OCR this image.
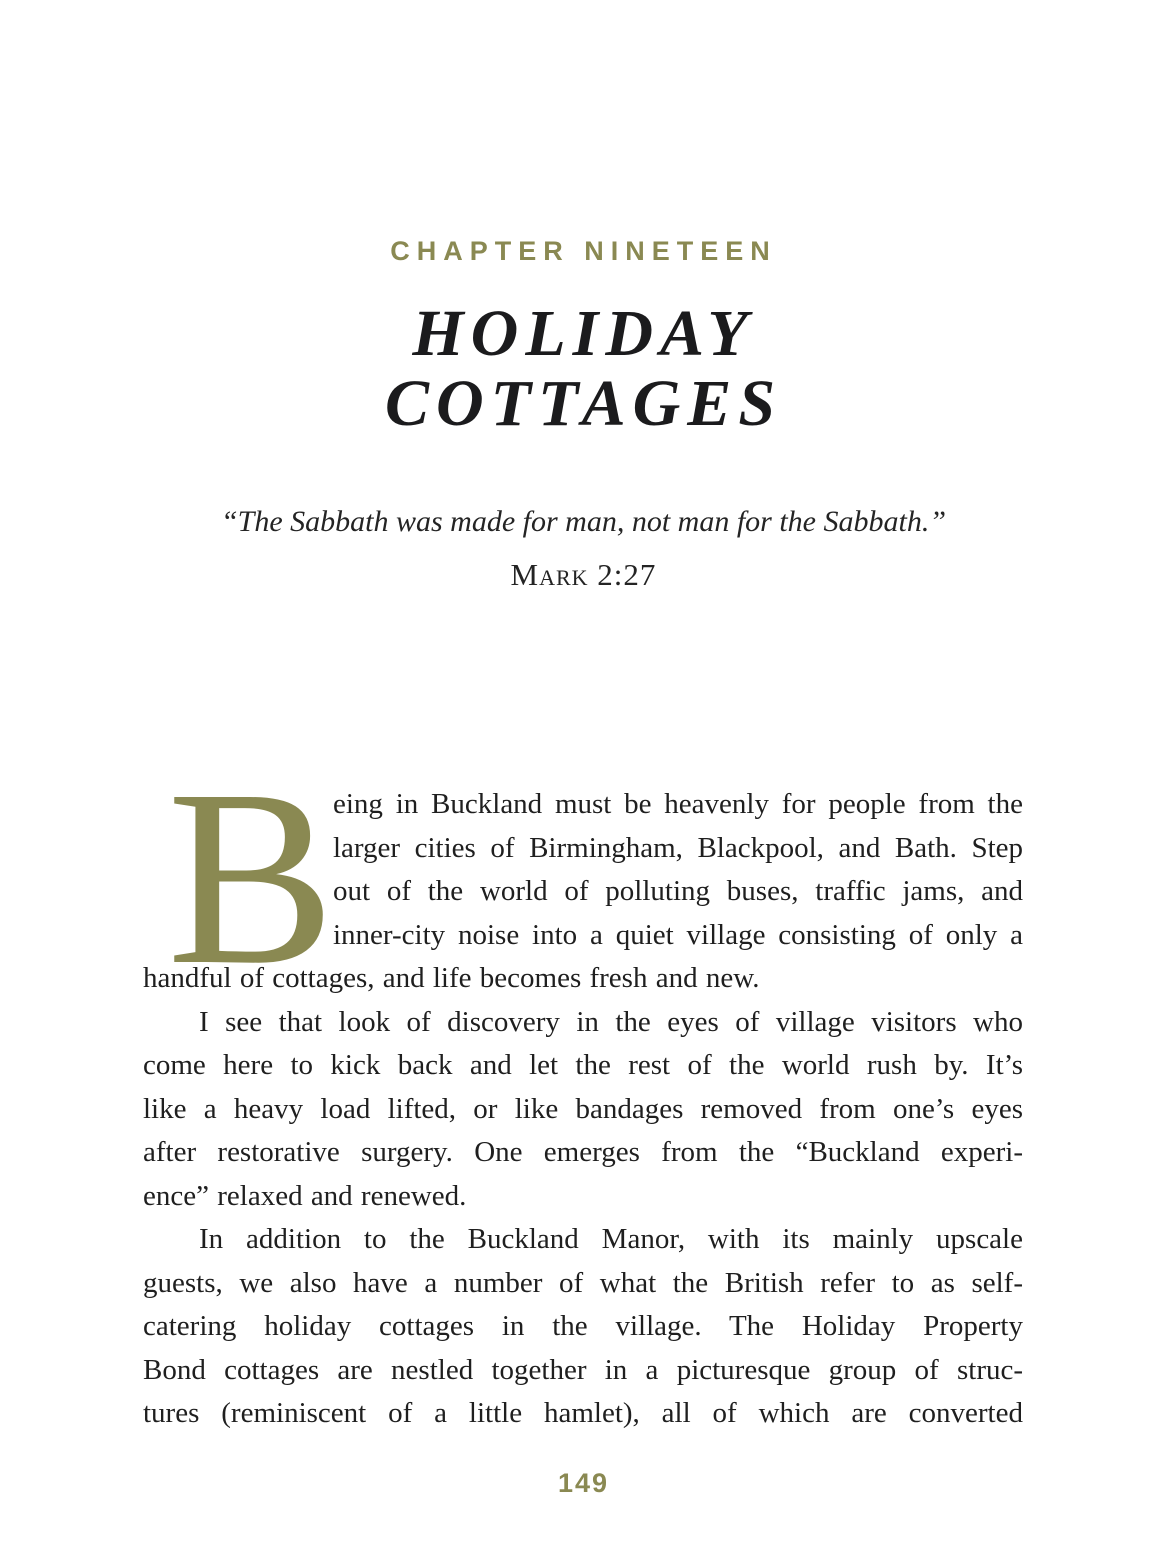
CHAPTER NINETEEN
HOLIDAY
COTTAGES
“The Sabbath was made for man, not man for the Sabbath.”
Mark 2:27
B
eing in Buckland must be heavenly for people from the
larger cities of Birmingham, Blackpool, and Bath. Step
out of the world of polluting buses, traffic jams, and
inner-city noise into a quiet village consisting of only a
handful of cottages, and life becomes fresh and new.
I see that look of discovery in the eyes of village visitors who
come here to kick back and let the rest of the world rush by. It’s
like a heavy load lifted, or like bandages removed from one’s eyes
after restorative surgery. One emerges from the “Buckland experi-
ence” relaxed and renewed.
In addition to the Buckland Manor, with its mainly upscale
guests, we also have a number of what the British refer to as self-
catering holiday cottages in the village. The Holiday Property
Bond cottages are nestled together in a picturesque group of struc-
tures (reminiscent of a little hamlet), all of which are converted
149
